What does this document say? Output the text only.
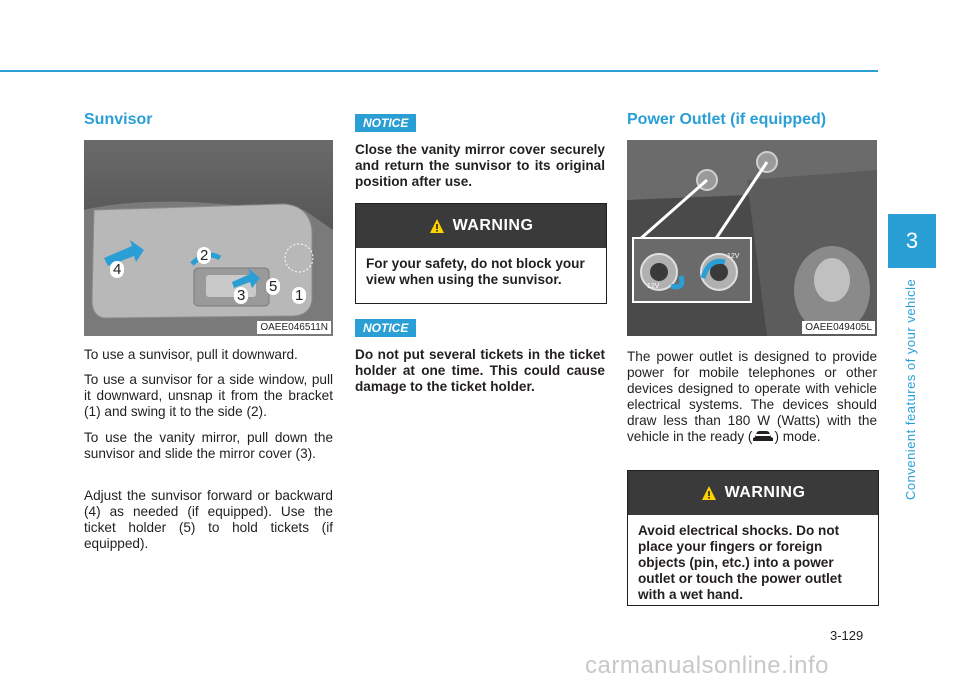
3
Convenient features of your vehicle
Sunvisor
1
2
3
4
5
OAEE046511N

To use a sunvisor, pull it downward.

To use a sunvisor for a side window, pull it downward, unsnap it from the bracket (1) and swing it to the side (2).

To use the vanity mirror, pull down the sunvisor and slide the mirror cover (3).

Adjust the sunvisor forward or backward (4) as needed (if equipped). Use the ticket holder (5) to hold tickets (if equipped).

NOTICE

Close the vanity mirror cover securely and return the sunvisor to its original position after use.

WARNING
For your safety, do not block your view when using the sunvisor.
NOTICE

Do not put several tickets in the ticket holder at one time. This could cause damage to the ticket holder.

Power Outlet (if equipped)
12V
12V
OAEE049405L

The power outlet is designed to provide power for mobile telephones or other devices designed to operate with vehicle electrical systems. The devices should draw less than 180 W (Watts) with the vehicle in the ready ( ) mode.

WARNING
Avoid electrical shocks. Do not place your fingers or foreign objects (pin, etc.) into a power outlet or touch the power outlet with a wet hand.
3-129
carmanualsonline.info
